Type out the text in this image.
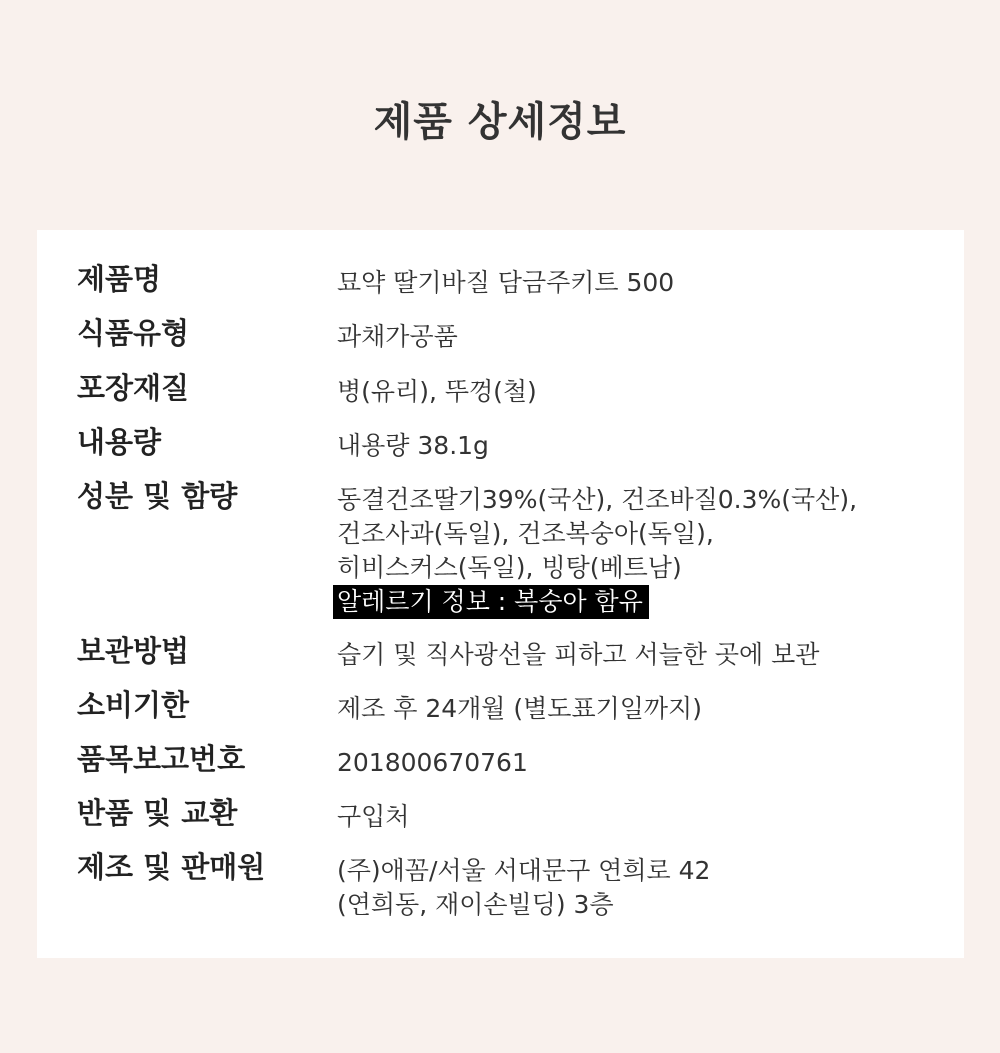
제품 상세정보
제품명	묘약 딸기바질 담금주키트 500
식품유형	과채가공품
포장재질	병(유리), 뚜껑(철)
내용량	내용량 38.1g
성분 및 함량	동결건조딸기39%(국산), 건조바질0.3%(국산),
건조사과(독일), 건조복숭아(독일),
히비스커스(독일), 빙탕(베트남)
알레르기 정보 : 복숭아 함유
보관방법	습기 및 직사광선을 피하고 서늘한 곳에 보관
소비기한	제조 후 24개월 (별도표기일까지)
품목보고번호	201800670761
반품 및 교환	구입처
제조 및 판매원	(주)애꼼/서울 서대문구 연희로 42
(연희동, 재이손빌딩) 3층
